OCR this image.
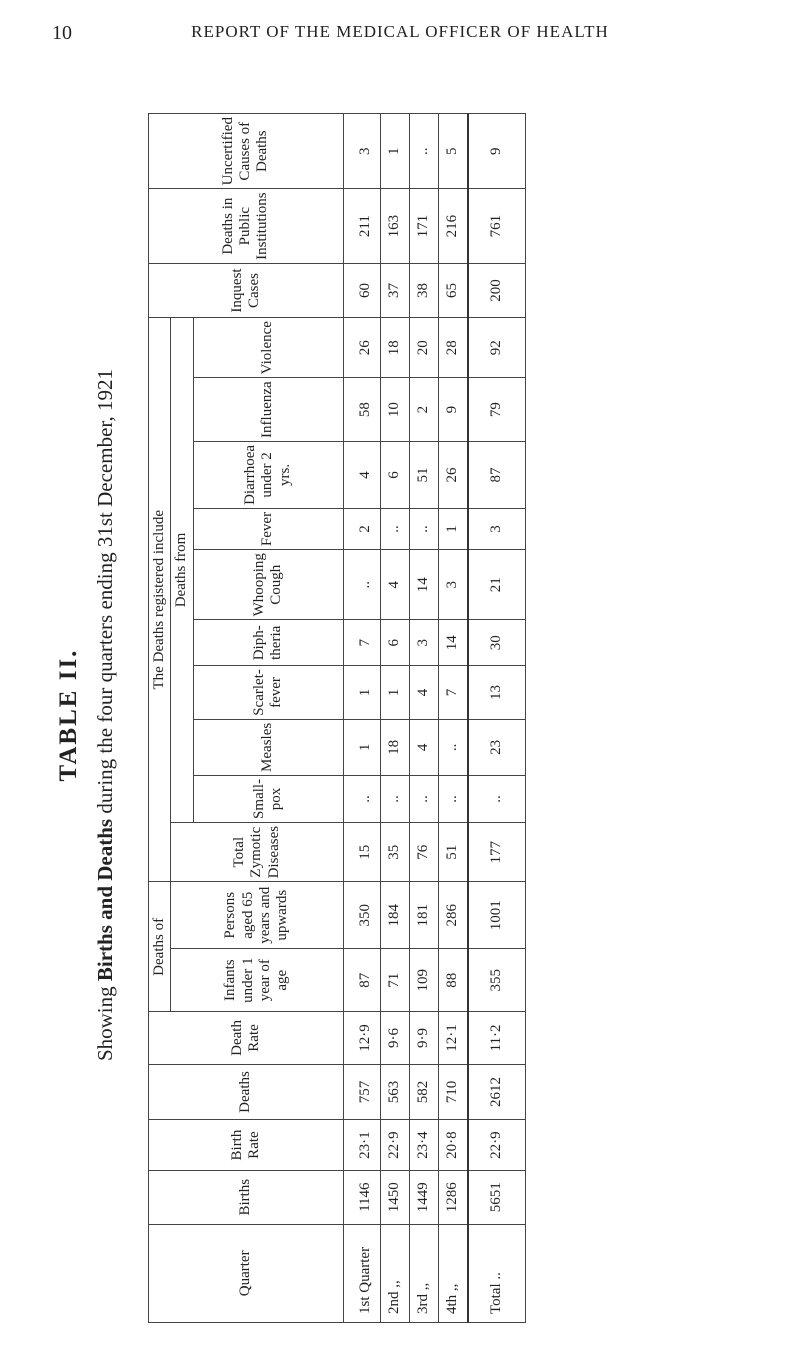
10	REPORT OF THE MEDICAL OFFICER OF HEALTH
TABLE II.
Showing Births and Deaths during the four quarters ending 31st December, 1921
Quarter	Births	Birth Rate	Deaths	Death Rate	Deaths of		The Deaths registered include										Inquest Cases	Deaths in Public Institutions	Uncertified Causes of Deaths
					Infants under 1 year of age	Persons aged 65 years and upwards	Total Zymotic Diseases	Deaths from											
								Small-pox	Measles	Scarlet-fever	Diph-theria	Whooping Cough	Fever	Diarrhoea under 2 yrs.	Influenza	Violence			
1st Quarter	1146	23·1	757	12·9	87	350	15	..	1	1	7	..	2	4	58	26	60	211	3
2nd ,,	1450	22·9	563	9·6	71	184	35	..	18	1	6	4	..	6	10	18	37	163	1
3rd ,,	1449	23·4	582	9·9	109	181	76	..	4	4	3	14	..	51	2	20	38	171	..
4th ,,	1286	20·8	710	12·1	88	286	51	..	..	7	14	3	1	26	9	28	65	216	5
Total ..	5651	22·9	2612	11·2	355	1001	177	..	23	13	30	21	3	87	79	92	200	761	9
